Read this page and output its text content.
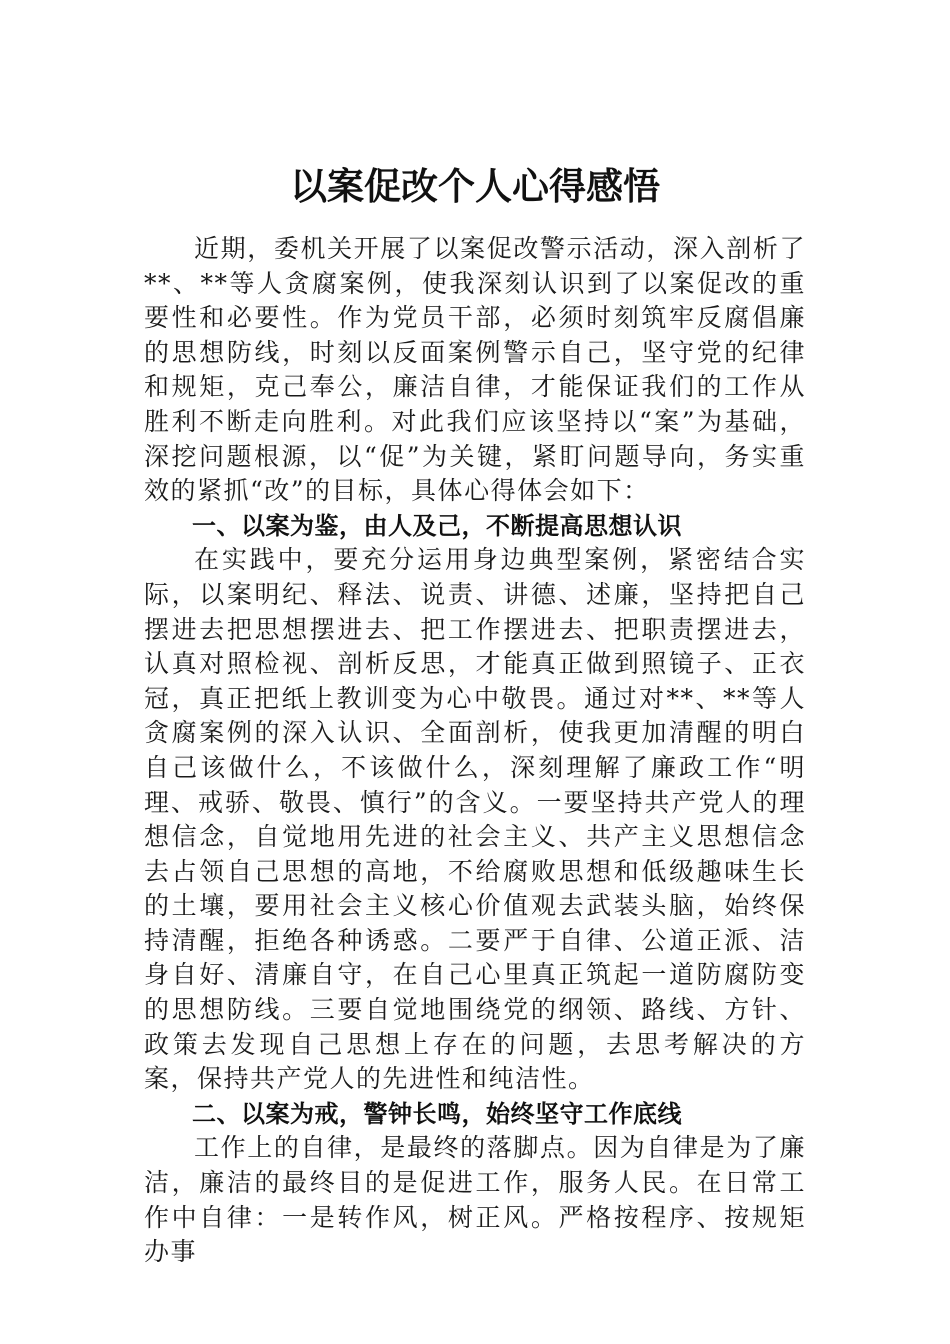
以案促改个人心得感悟

近期，委机关开展了以案促改警示活动，深入剖析了**、**等人贪腐案例，使我深刻认识到了以案促改的重要性和必要性。作为党员干部，必须时刻筑牢反腐倡廉的思想防线，时刻以反面案例警示自己，坚守党的纪律和规矩，克己奉公，廉洁自律，才能保证我们的工作从胜利不断走向胜利。对此我们应该坚持以“案”为基础，深挖问题根源，以“促”为关键，紧盯问题导向，务实重效的紧抓“改”的目标，具体心得体会如下：

一、以案为鉴，由人及己，不断提高思想认识

在实践中，要充分运用身边典型案例，紧密结合实际，以案明纪、释法、说责、讲德、述廉，坚持把自己摆进去把思想摆进去、把工作摆进去、把职责摆进去，认真对照检视、剖析反思，才能真正做到照镜子、正衣冠，真正把纸上教训变为心中敬畏。通过对**、**等人贪腐案例的深入认识、全面剖析，使我更加清醒的明白自己该做什么，不该做什么，深刻理解了廉政工作“明理、戒骄、敬畏、慎行”的含义。一要坚持共产党人的理想信念，自觉地用先进的社会主义、共产主义思想信念去占领自己思想的高地，不给腐败思想和低级趣味生长的土壤，要用社会主义核心价值观去武装头脑，始终保持清醒，拒绝各种诱惑。二要严于自律、公道正派、洁身自好、清廉自守，在自己心里真正筑起一道防腐防变的思想防线。三要自觉地围绕党的纲领、路线、方针、政策去发现自己思想上存在的问题，去思考解决的方案，保持共产党人的先进性和纯洁性。

二、以案为戒，警钟长鸣，始终坚守工作底线

工作上的自律，是最终的落脚点。因为自律是为了廉洁，廉洁的最终目的是促进工作，服务人民。在日常工作中自律：一是转作风，树正风。严格按程序、按规矩办事
